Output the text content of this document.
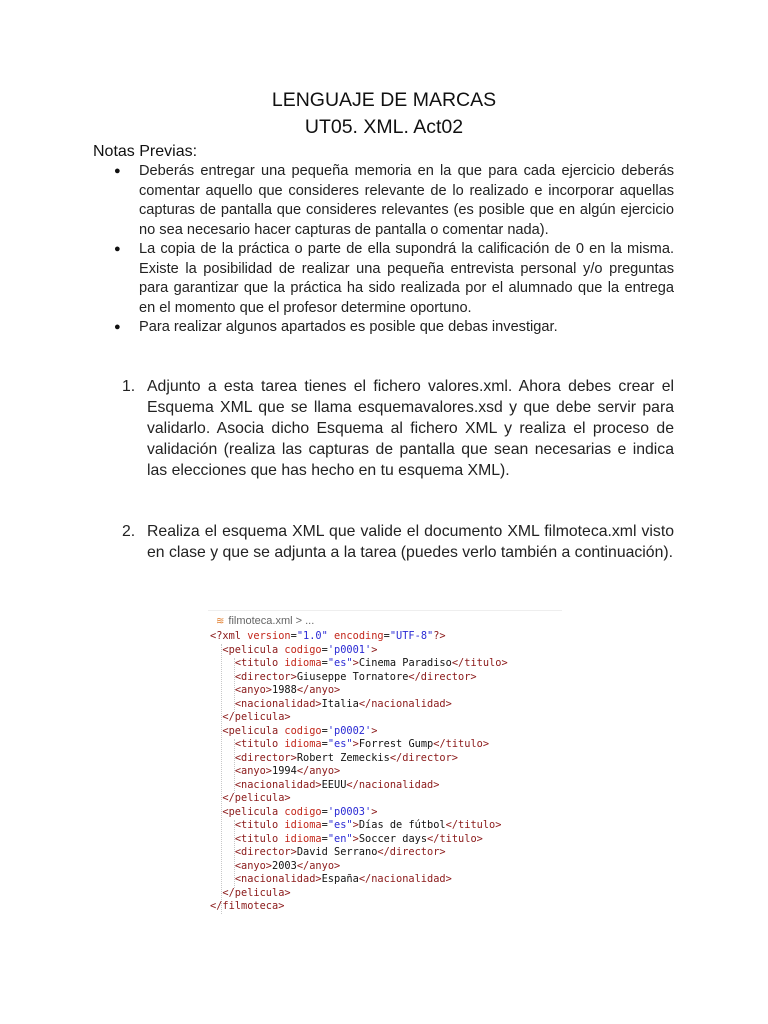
LENGUAJE DE MARCAS
UT05. XML. Act02
Notas Previas:
● Deberás entregar una pequeña memoria en la que para cada ejercicio deberás comentar aquello que consideres relevante de lo realizado e incorporar aquellas capturas de pantalla que consideres relevantes (es posible que en algún ejercicio no sea necesario hacer capturas de pantalla o comentar nada).
● La copia de la práctica o parte de ella supondrá la calificación de 0 en la misma. Existe la posibilidad de realizar una pequeña entrevista personal y/o preguntas para garantizar que la práctica ha sido realizada por el alumnado que la entrega en el momento que el profesor determine oportuno.
● Para realizar algunos apartados es posible que debas investigar.
1. Adjunto a esta tarea tienes el fichero valores.xml. Ahora debes crear el Esquema XML que se llama esquemavalores.xsd y que debe servir para validarlo. Asocia dicho Esquema al fichero XML y realiza el proceso de validación (realiza las capturas de pantalla que sean necesarias e indica las elecciones que has hecho en tu esquema XML).
2. Realiza el esquema XML que valide el documento XML filmoteca.xml visto en clase y que se adjunta a la tarea (puedes verlo también a continuación).
≋ filmoteca.xml > ...
<?xml version="1.0" encoding="UTF-8"?>
<pelicula codigo='p0001'>
<titulo idioma="es">Cinema Paradiso</titulo>
<director>Giuseppe Tornatore</director>
<anyo>1988</anyo>
<nacionalidad>Italia</nacionalidad>
</pelicula>
<pelicula codigo='p0002'>
<titulo idioma="es">Forrest Gump</titulo>
<director>Robert Zemeckis</director>
<anyo>1994</anyo>
<nacionalidad>EEUU</nacionalidad>
</pelicula>
<pelicula codigo='p0003'>
<titulo idioma="es">Días de fútbol</titulo>
<titulo idioma="en">Soccer days</titulo>
<director>David Serrano</director>
<anyo>2003</anyo>
<nacionalidad>España</nacionalidad>
</pelicula>
</filmoteca>
